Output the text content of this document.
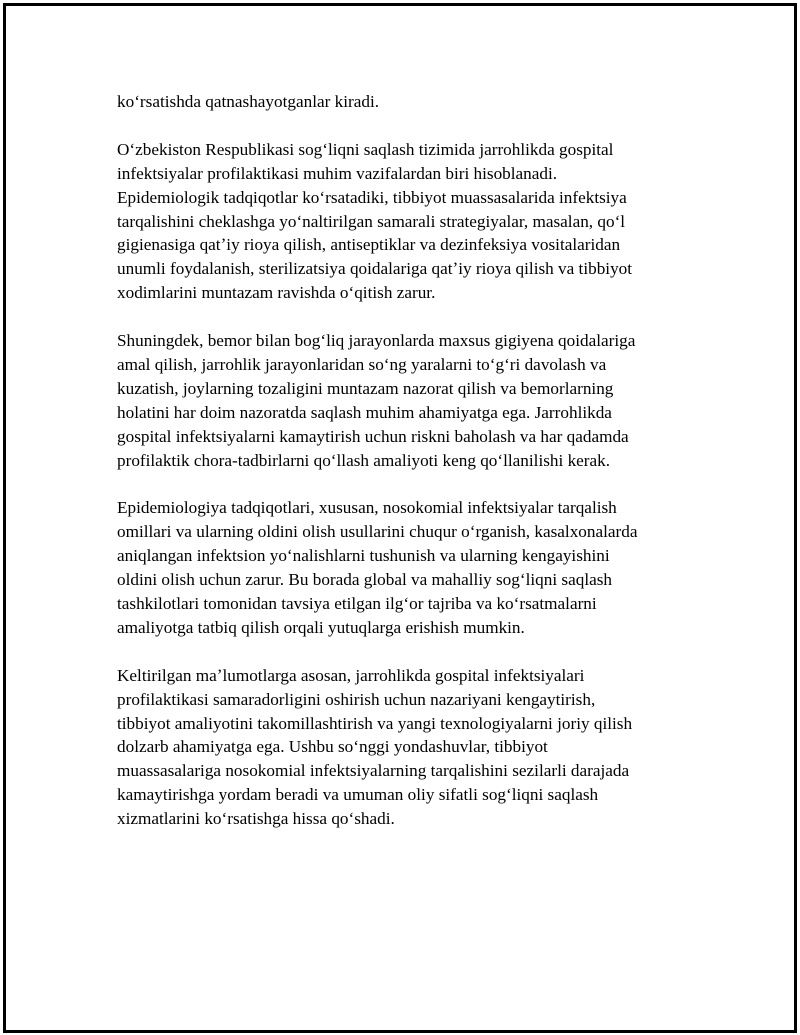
koʻrsatishda qatnashayotganlar kiradi.

Oʻzbekiston Respublikasi sogʻliqni saqlash tizimida jarrohlikda gospital
infektsiyalar profilaktikasi muhim vazifalardan biri hisoblanadi.
Epidemiologik tadqiqotlar koʻrsatadiki, tibbiyot muassasalarida infektsiya
tarqalishini cheklashga yoʻnaltirilgan samarali strategiyalar, masalan, qoʻl
gigienasiga qatʼiy rioya qilish, antiseptiklar va dezinfeksiya vositalaridan
unumli foydalanish, sterilizatsiya qoidalariga qatʼiy rioya qilish va tibbiyot
xodimlarini muntazam ravishda oʻqitish zarur.

Shuningdek, bemor bilan bogʻliq jarayonlarda maxsus gigiyena qoidalariga
amal qilish, jarrohlik jarayonlaridan soʻng yaralarni toʻgʻri davolash va
kuzatish, joylarning tozaligini muntazam nazorat qilish va bemorlarning
holatini har doim nazoratda saqlash muhim ahamiyatga ega. Jarrohlikda
gospital infektsiyalarni kamaytirish uchun riskni baholash va har qadamda
profilaktik chora-tadbirlarni qoʻllash amaliyoti keng qoʻllanilishi kerak.

Epidemiologiya tadqiqotlari, xususan, nosokomial infektsiyalar tarqalish
omillari va ularning oldini olish usullarini chuqur oʻrganish, kasalxonalarda
aniqlangan infektsion yoʻnalishlarni tushunish va ularning kengayishini
oldini olish uchun zarur. Bu borada global va mahalliy sogʻliqni saqlash
tashkilotlari tomonidan tavsiya etilgan ilgʻor tajriba va koʻrsatmalarni
amaliyotga tatbiq qilish orqali yutuqlarga erishish mumkin.

Keltirilgan maʼlumotlarga asosan, jarrohlikda gospital infektsiyalari
profilaktikasi samaradorligini oshirish uchun nazariyani kengaytirish,
tibbiyot amaliyotini takomillashtirish va yangi texnologiyalarni joriy qilish
dolzarb ahamiyatga ega. Ushbu soʻnggi yondashuvlar, tibbiyot
muassasalariga nosokomial infektsiyalarning tarqalishini sezilarli darajada
kamaytirishga yordam beradi va umuman oliy sifatli sogʻliqni saqlash
xizmatlarini koʻrsatishga hissa qoʻshadi.
